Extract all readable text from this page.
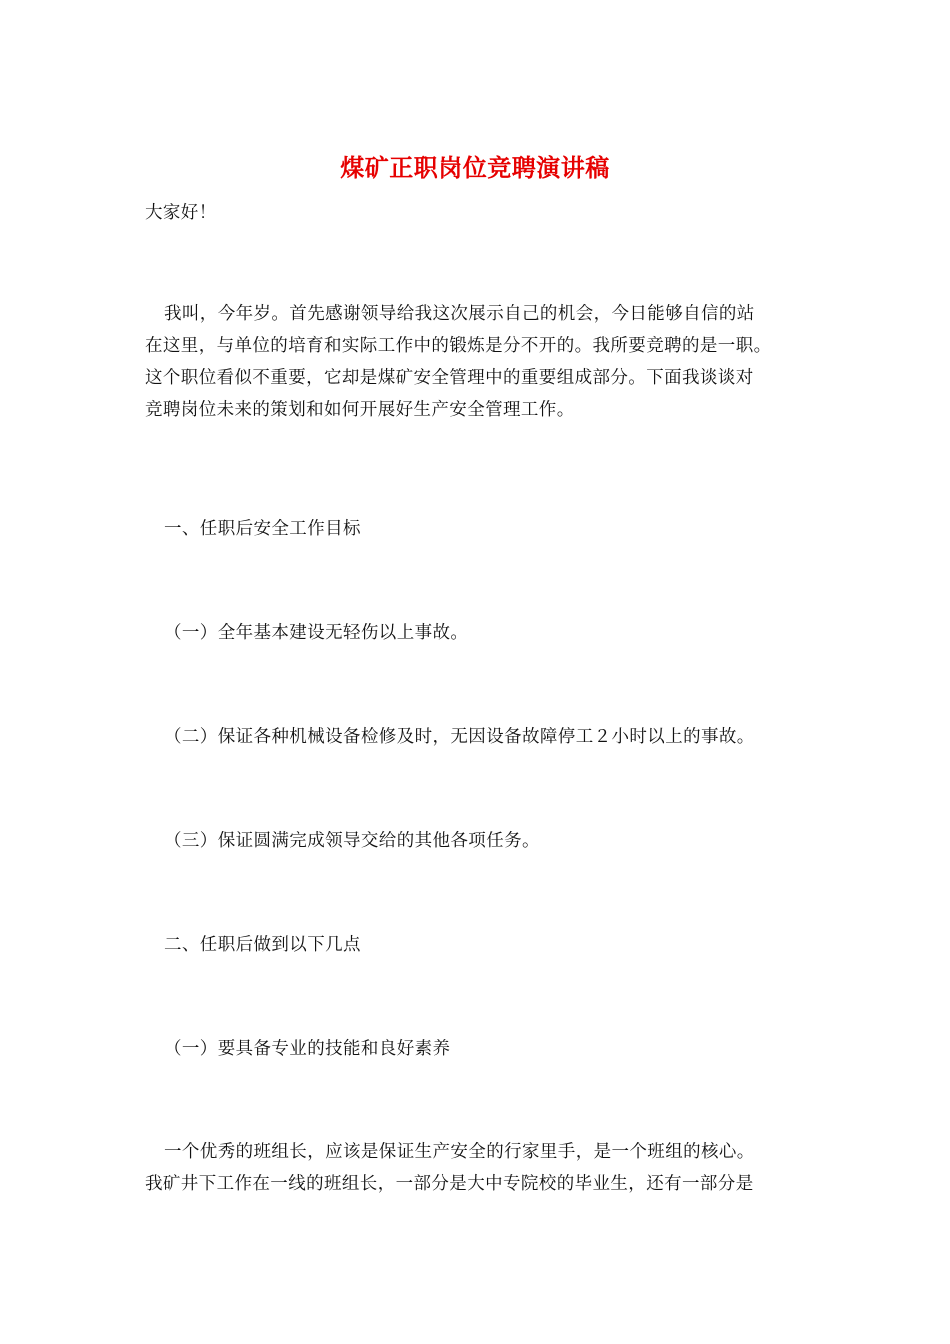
煤矿正职岗位竞聘演讲稿
大家好！
我叫，今年岁。首先感谢领导给我这次展示自己的机会，今日能够自信的站
在这里，与单位的培育和实际工作中的锻炼是分不开的。我所要竞聘的是一职。
这个职位看似不重要，它却是煤矿安全管理中的重要组成部分。下面我谈谈对
竞聘岗位未来的策划和如何开展好生产安全管理工作。
一、任职后安全工作目标
（一）全年基本建设无轻伤以上事故。
（二）保证各种机械设备检修及时，无因设备故障停工２小时以上的事故。
（三）保证圆满完成领导交给的其他各项任务。
二、任职后做到以下几点
（一）要具备专业的技能和良好素养
一个优秀的班组长，应该是保证生产安全的行家里手，是一个班组的核心。
我矿井下工作在一线的班组长，一部分是大中专院校的毕业生，还有一部分是
